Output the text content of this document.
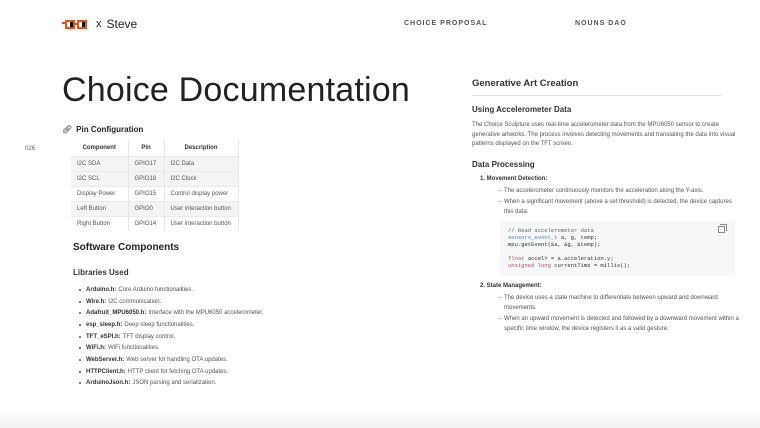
x Steve	CHOICE PROPOSAL	NOUNS DAO
Choice Documentation
026
🔗︎ Pin Configuration
Component	Pin	Description
I2C SDA	GPIO17	I2C Data
I2C SCL	GPIO18	I2C Clock
Display Power	GPIO15	Control display power
Left Button	GPIO0	User interaction button
Right Button	GPIO14	User interaction button
Software Components
Libraries Used
Arduino.h: Core Arduino functionalities.
Wire.h: I2C communication.
Adafruit_MPU6050.h: Interface with the MPU6050 accelerometer.
esp_sleep.h: Deep sleep functionalities.
TFT_eSPI.h: TFT display control.
WiFi.h: WiFi functionalities.
WebServer.h: Web server for handling OTA updates.
HTTPClient.h: HTTP client for fetching OTA updates.
ArduinoJson.h: JSON parsing and serialization.
Generative Art Creation
Using Accelerometer Data

The Choice Sculpture uses real-time accelerometer data from the MPU6050 sensor to create generative artworks. The process involves detecting movements and translating the data into visual patterns displayed on the TFT screen.

Data Processing
1. Movement Detection:
– The accelerometer continuously monitors the acceleration along the Y-axis.
– When a significant movement (above a set threshold) is detected, the device captures this data.
// Read accelerometer data
sensors_event_t a, g, temp;
mpu.getEvent(&a, &g, &temp);
float accelY = a.acceleration.y;
unsigned long currentTime = millis();
2. State Management:
– The device uses a state machine to differentiate between upward and downward movements.
– When an upward movement is detected and followed by a downward movement within a specific time window, the device registers it as a valid gesture.
